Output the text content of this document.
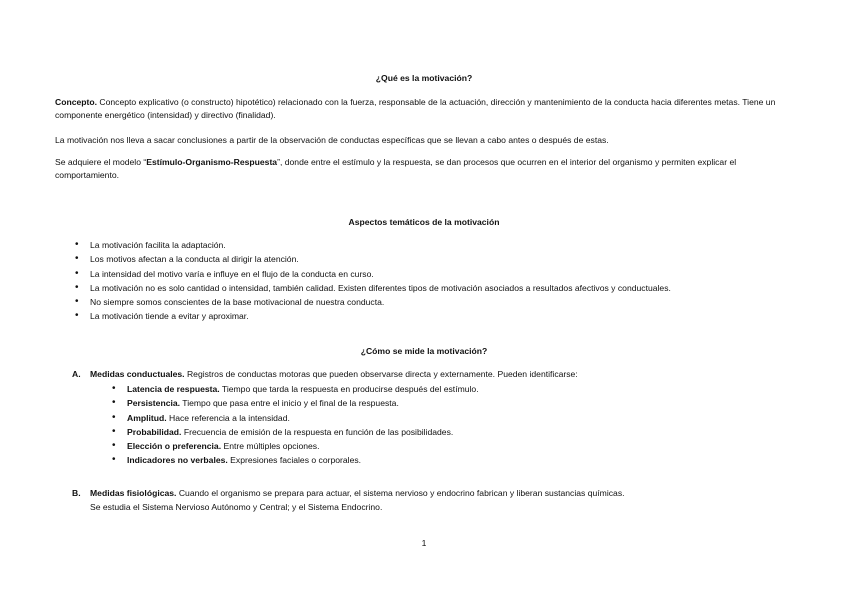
¿Qué es la motivación?
Concepto. Concepto explicativo (o constructo) hipotético) relacionado con la fuerza, responsable de la actuación, dirección y mantenimiento de la conducta hacia diferentes metas. Tiene un componente energético (intensidad) y directivo (finalidad).
La motivación nos lleva a sacar conclusiones a partir de la observación de conductas específicas que se llevan a cabo antes o después de estas.
Se adquiere el modelo “Estímulo-Organismo-Respuesta”, donde entre el estímulo y la respuesta, se dan procesos que ocurren en el interior del organismo y permiten explicar el comportamiento.
Aspectos temáticos de la motivación
• La motivación facilita la adaptación.
• Los motivos afectan a la conducta al dirigir la atención.
• La intensidad del motivo varía e influye en el flujo de la conducta en curso.
• La motivación no es solo cantidad o intensidad, también calidad. Existen diferentes tipos de motivación asociados a resultados afectivos y conductuales.
• No siempre somos conscientes de la base motivacional de nuestra conducta.
• La motivación tiende a evitar y aproximar.
¿Cómo se mide la motivación?
A. Medidas conductuales. Registros de conductas motoras que pueden observarse directa y externamente. Pueden identificarse:
• Latencia de respuesta. Tiempo que tarda la respuesta en producirse después del estímulo.
• Persistencia. Tiempo que pasa entre el inicio y el final de la respuesta.
• Amplitud. Hace referencia a la intensidad.
• Probabilidad. Frecuencia de emisión de la respuesta en función de las posibilidades.
• Elección o preferencia. Entre múltiples opciones.
• Indicadores no verbales. Expresiones faciales o corporales.
B. Medidas fisiológicas. Cuando el organismo se prepara para actuar, el sistema nervioso y endocrino fabrican y liberan sustancias químicas.
Se estudia el Sistema Nervioso Autónomo y Central; y el Sistema Endocrino.
1
